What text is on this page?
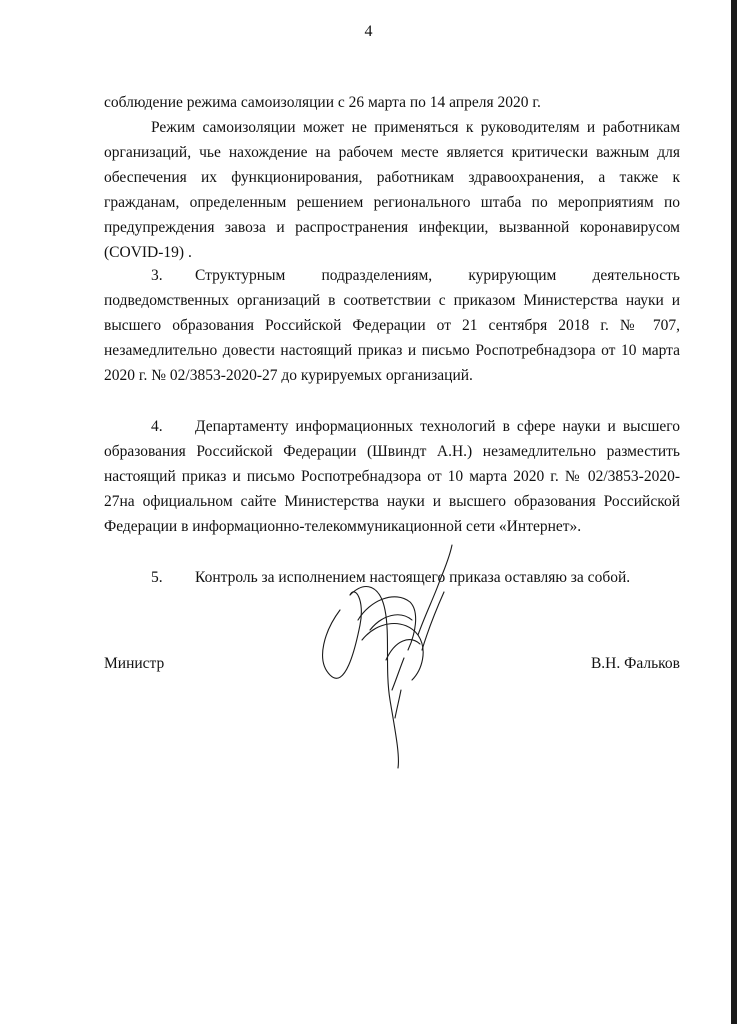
4
соблюдение режима самоизоляции с 26 марта по 14 апреля 2020 г.
Режим самоизоляции может не применяться к руководителям и работникам организаций, чье нахождение на рабочем месте является критически важным для обеспечения их функционирования, работникам здравоохранения, а также к гражданам, определенным решением регионального штаба по мероприятиям по предупреждения завоза и распространения инфекции, вызванной коронавирусом (COVID-19) .
3. Структурным подразделениям, курирующим деятельность подведомственных организаций в соответствии с приказом Министерства науки и высшего образования Российской Федерации от 21 сентября 2018 г. № 707, незамедлительно довести настоящий приказ и письмо Роспотребнадзора от 10 марта 2020 г. № 02/3853-2020-27 до курируемых организаций.
4. Департаменту информационных технологий в сфере науки и высшего образования Российской Федерации (Швиндт А.Н.) незамедлительно разместить настоящий приказ и письмо Роспотребнадзора от 10 марта 2020 г. № 02/3853-2020-27на официальном сайте Министерства науки и высшего образования Российской Федерации в информационно-телекоммуникационной сети «Интернет».
5. Контроль за исполнением настоящего приказа оставляю за собой.
Министр	В.Н. Фальков
